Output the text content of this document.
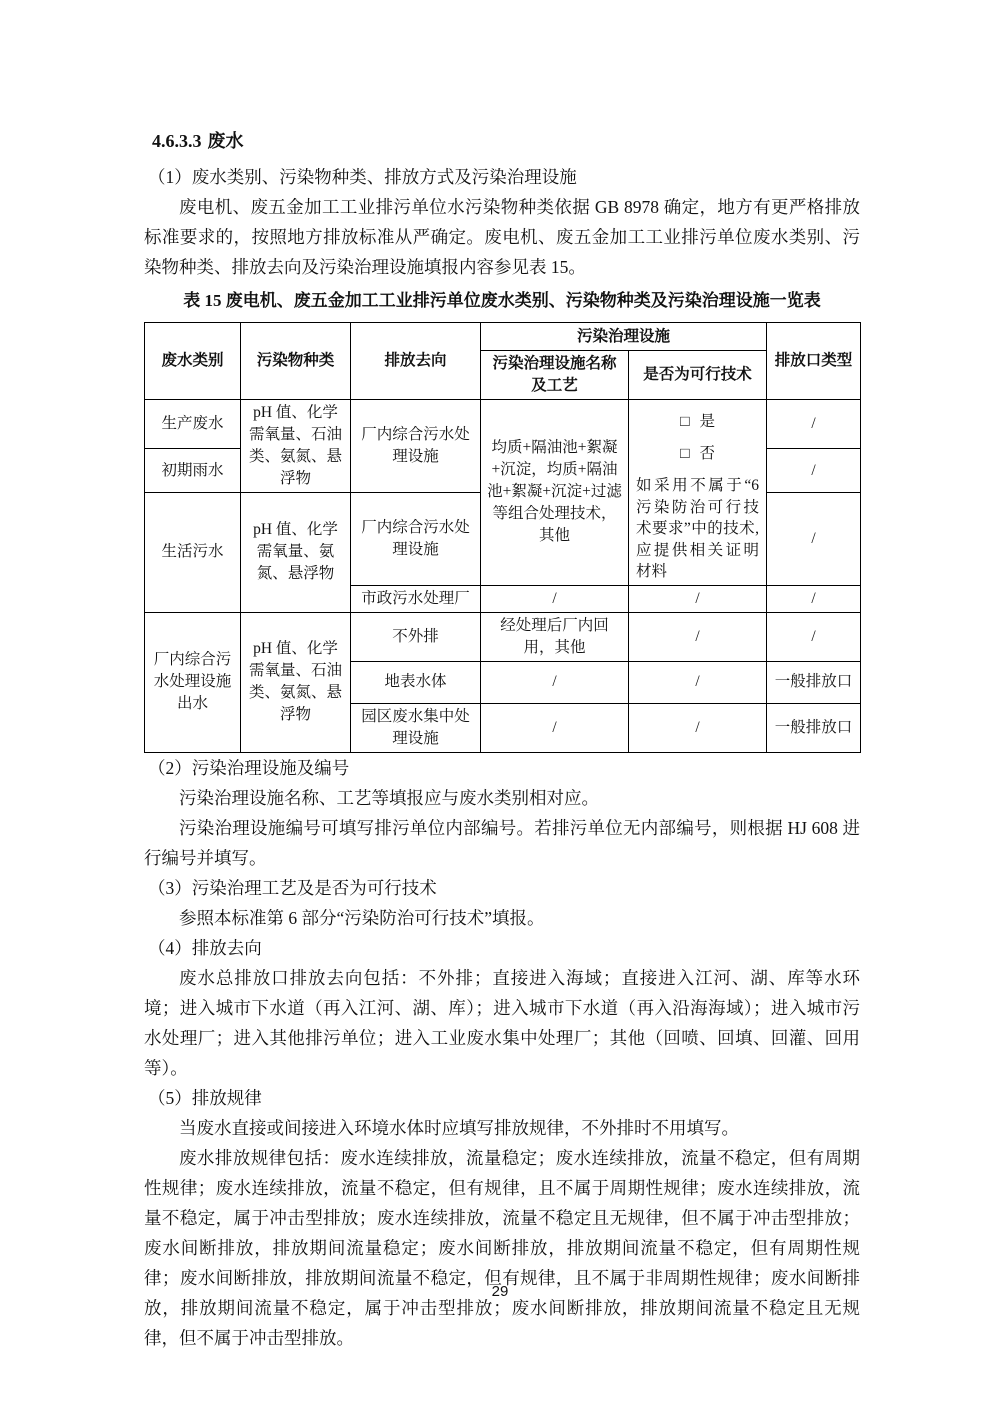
4.6.3.3 废水

（1）废水类别、污染物种类、排放方式及污染治理设施

废电机、废五金加工工业排污单位水污染物种类依据 GB 8978 确定，地方有更严格排放标准要求的，按照地方排放标准从严确定。废电机、废五金加工工业排污单位废水类别、污染物种类、排放去向及污染治理设施填报内容参见表 15。

表 15 废电机、废五金加工工业排污单位废水类别、污染物种类及污染治理设施一览表
废水类别	污染物种类	排放去向	污染治理设施		排放口类型
			污染治理设施名称及工艺	是否为可行技术	
生产废水	pH 值、化学需氧量、石油类、氨氮、悬浮物	厂内综合污水处理设施	均质+隔油池+絮凝+沉淀，均质+隔油池+絮凝+沉淀+过滤等组合处理技术，其他	□ 是
□ 否
如采用不属于“6 污染防治可行技术要求”中的技术,应提供相关证明材料	/
初期雨水					/
生活污水	pH 值、化学需氧量、氨氮、悬浮物	厂内综合污水处理设施			/
		市政污水处理厂	/	/	/
厂内综合污水处理设施出水	pH 值、化学需氧量、石油类、氨氮、悬浮物	不外排	经处理后厂内回用，其他	/	/
		地表水体	/	/	一般排放口
		园区废水集中处理设施	/	/	一般排放口

（2）污染治理设施及编号

污染治理设施名称、工艺等填报应与废水类别相对应。

污染治理设施编号可填写排污单位内部编号。若排污单位无内部编号，则根据 HJ 608 进行编号并填写。

（3）污染治理工艺及是否为可行技术

参照本标准第 6 部分“污染防治可行技术”填报。

（4）排放去向

废水总排放口排放去向包括：不外排；直接进入海域；直接进入江河、湖、库等水环境；进入城市下水道（再入江河、湖、库）；进入城市下水道（再入沿海海域）；进入城市污水处理厂；进入其他排污单位；进入工业废水集中处理厂；其他（回喷、回填、回灌、回用等）。

（5）排放规律

当废水直接或间接进入环境水体时应填写排放规律，不外排时不用填写。

废水排放规律包括：废水连续排放，流量稳定；废水连续排放，流量不稳定，但有周期性规律；废水连续排放，流量不稳定，但有规律，且不属于周期性规律；废水连续排放，流量不稳定，属于冲击型排放；废水连续排放，流量不稳定且无规律，但不属于冲击型排放；废水间断排放，排放期间流量稳定；废水间断排放，排放期间流量不稳定，但有周期性规律；废水间断排放，排放期间流量不稳定，但有规律，且不属于非周期性规律；废水间断排放，排放期间流量不稳定，属于冲击型排放；废水间断排放，排放期间流量不稳定且无规律，但不属于冲击型排放。

29
